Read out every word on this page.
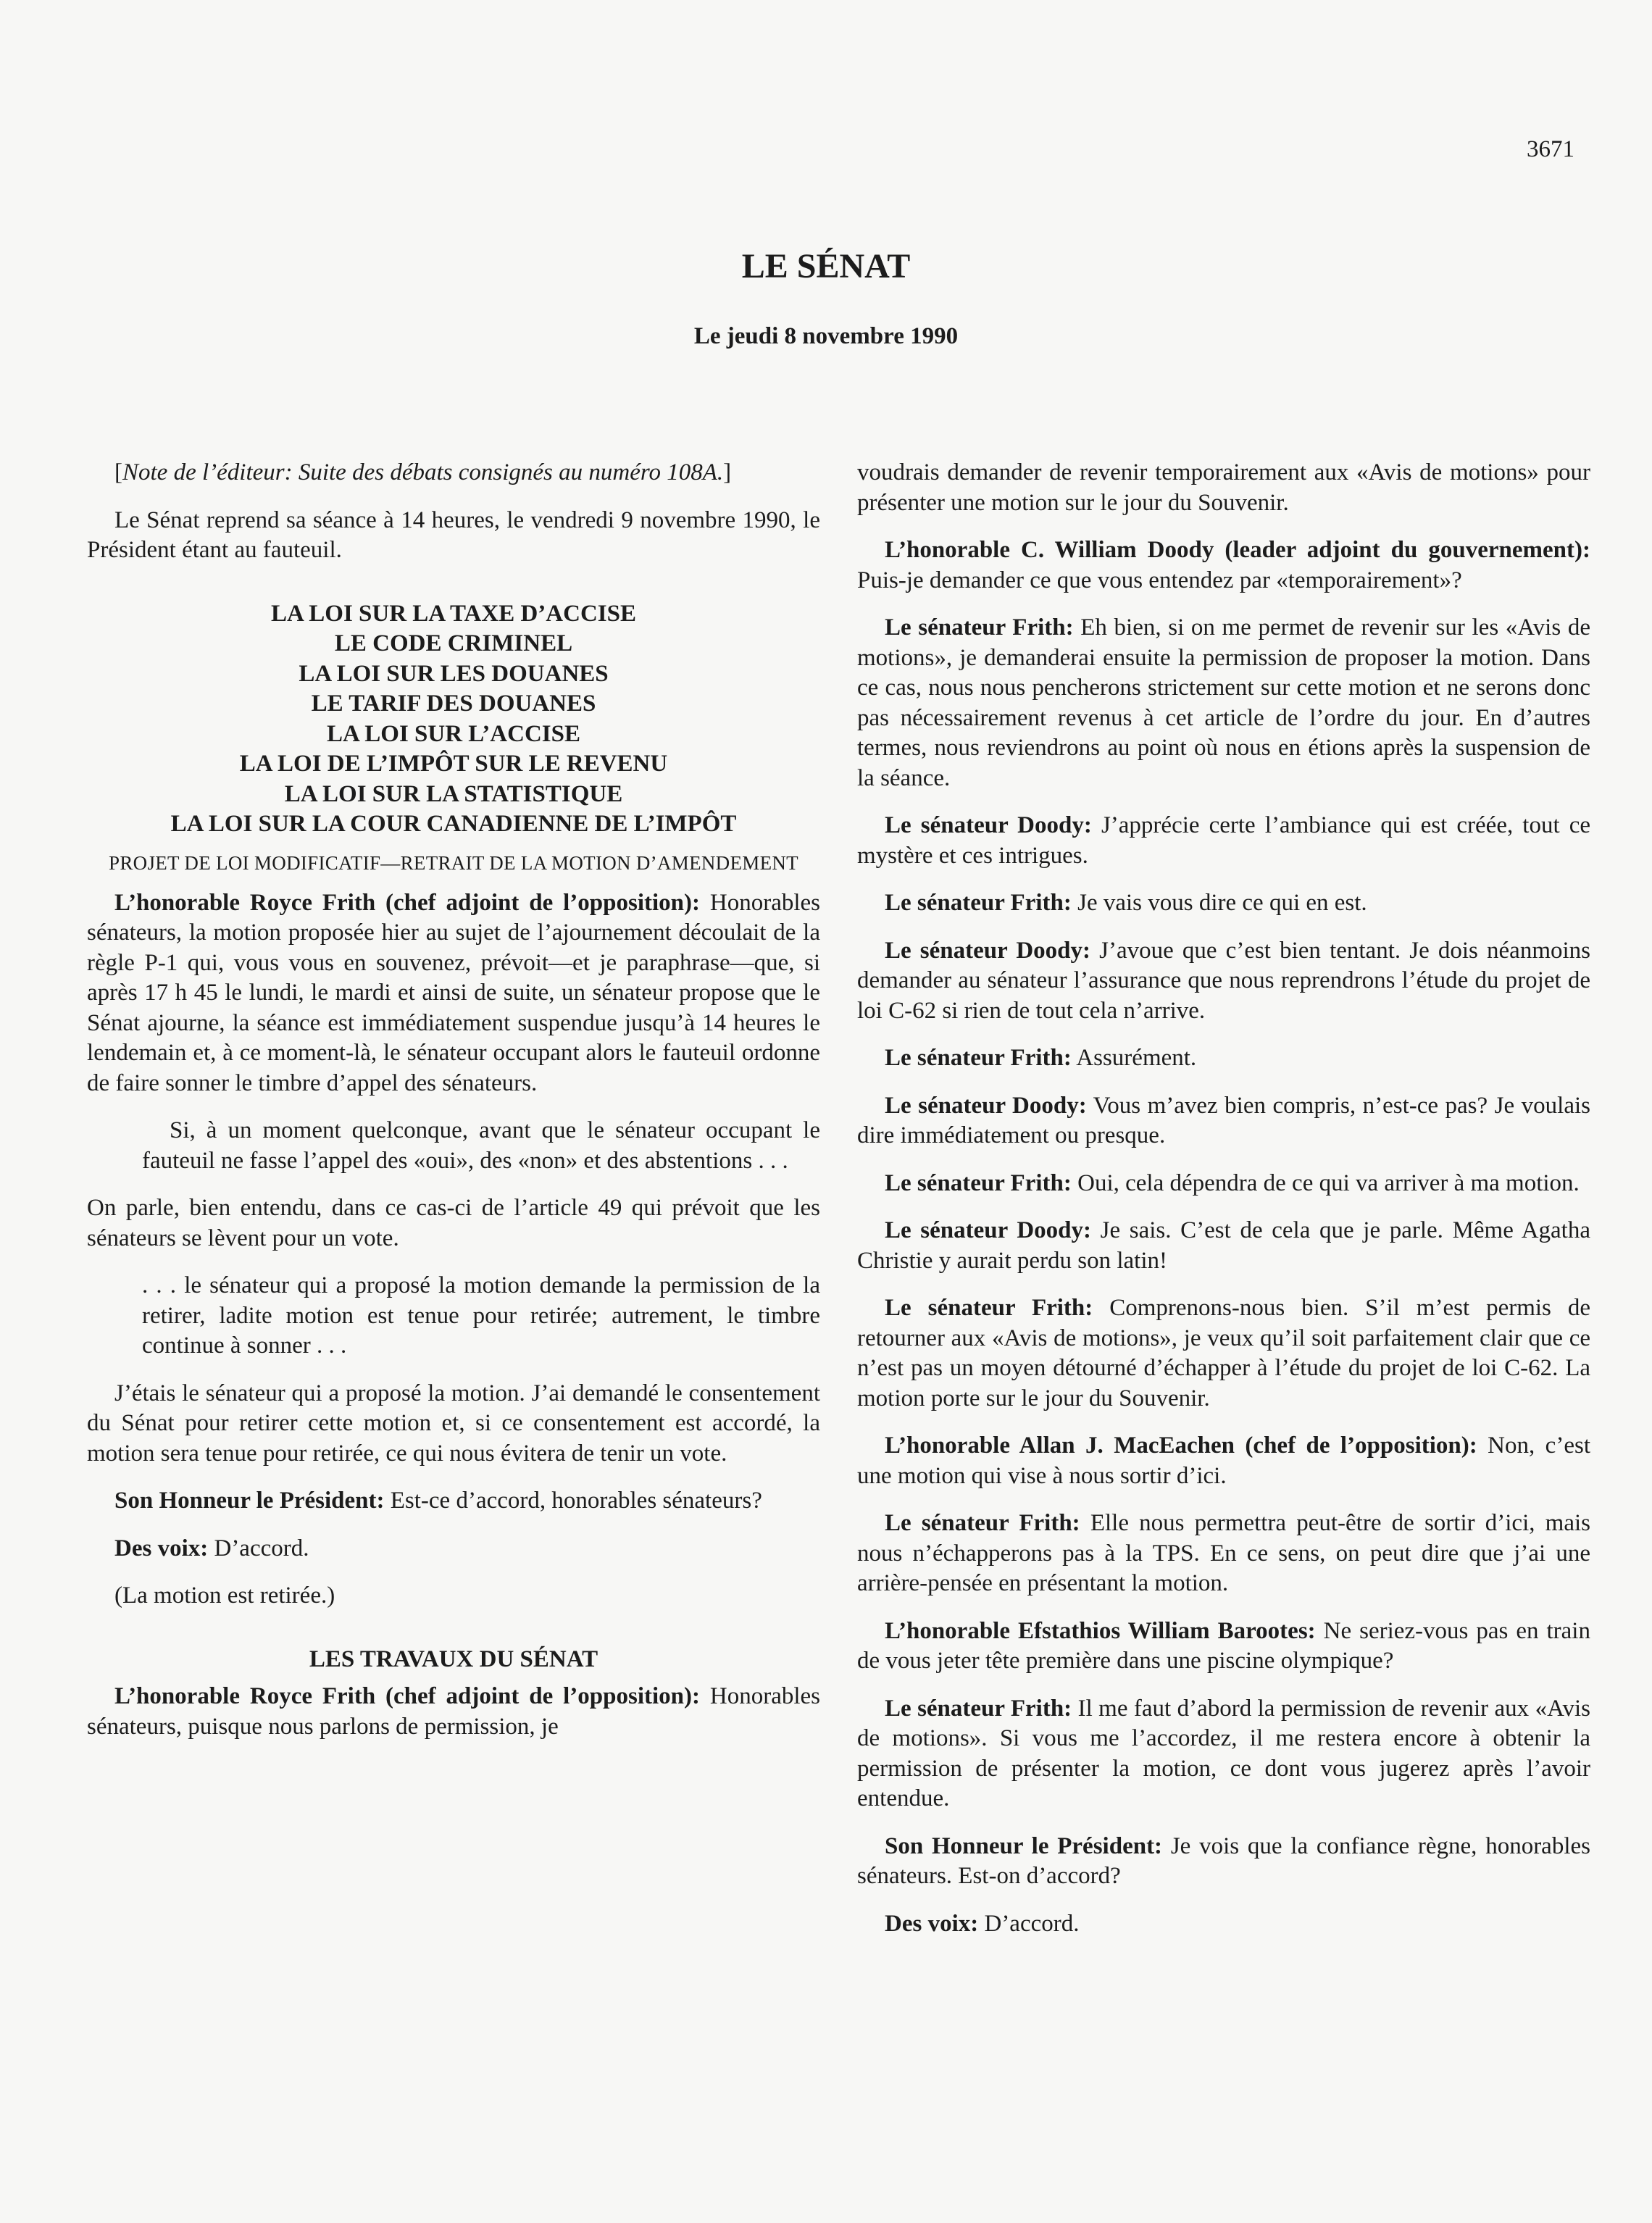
3671
LE SÉNAT
Le jeudi 8 novembre 1990

[Note de l’éditeur: Suite des débats consignés au numéro 108A.]

Le Sénat reprend sa séance à 14 heures, le vendredi 9 novembre 1990, le Président étant au fauteuil.

LA LOI SUR LA TAXE D’ACCISE
LE CODE CRIMINEL
LA LOI SUR LES DOUANES
LE TARIF DES DOUANES
LA LOI SUR L’ACCISE
LA LOI DE L’IMPÔT SUR LE REVENU
LA LOI SUR LA STATISTIQUE
LA LOI SUR LA COUR CANADIENNE DE L’IMPÔT
PROJET DE LOI MODIFICATIF—RETRAIT DE LA MOTION D’AMENDEMENT

L’honorable Royce Frith (chef adjoint de l’opposition): Honorables sénateurs, la motion proposée hier au sujet de l’ajournement découlait de la règle P-1 qui, vous vous en souvenez, prévoit—et je paraphrase—que, si après 17 h 45 le lundi, le mardi et ainsi de suite, un sénateur propose que le Sénat ajourne, la séance est immédiatement suspendue jusqu’à 14 heures le lendemain et, à ce moment-là, le sénateur occupant alors le fauteuil ordonne de faire sonner le timbre d’appel des sénateurs.

Si, à un moment quelconque, avant que le sénateur occupant le fauteuil ne fasse l’appel des «oui», des «non» et des abstentions . . .

On parle, bien entendu, dans ce cas-ci de l’article 49 qui prévoit que les sénateurs se lèvent pour un vote.

. . . le sénateur qui a proposé la motion demande la permission de la retirer, ladite motion est tenue pour retirée; autrement, le timbre continue à sonner . . .

J’étais le sénateur qui a proposé la motion. J’ai demandé le consentement du Sénat pour retirer cette motion et, si ce consentement est accordé, la motion sera tenue pour retirée, ce qui nous évitera de tenir un vote.

Son Honneur le Président: Est-ce d’accord, honorables sénateurs?

Des voix: D’accord.

(La motion est retirée.)

LES TRAVAUX DU SÉNAT

L’honorable Royce Frith (chef adjoint de l’opposition): Honorables sénateurs, puisque nous parlons de permission, je

voudrais demander de revenir temporairement aux «Avis de motions» pour présenter une motion sur le jour du Souvenir.

L’honorable C. William Doody (leader adjoint du gouvernement): Puis-je demander ce que vous entendez par «temporairement»?

Le sénateur Frith: Eh bien, si on me permet de revenir sur les «Avis de motions», je demanderai ensuite la permission de proposer la motion. Dans ce cas, nous nous pencherons strictement sur cette motion et ne serons donc pas nécessairement revenus à cet article de l’ordre du jour. En d’autres termes, nous reviendrons au point où nous en étions après la suspension de la séance.

Le sénateur Doody: J’apprécie certe l’ambiance qui est créée, tout ce mystère et ces intrigues.

Le sénateur Frith: Je vais vous dire ce qui en est.

Le sénateur Doody: J’avoue que c’est bien tentant. Je dois néanmoins demander au sénateur l’assurance que nous reprendrons l’étude du projet de loi C-62 si rien de tout cela n’arrive.

Le sénateur Frith: Assurément.

Le sénateur Doody: Vous m’avez bien compris, n’est-ce pas? Je voulais dire immédiatement ou presque.

Le sénateur Frith: Oui, cela dépendra de ce qui va arriver à ma motion.

Le sénateur Doody: Je sais. C’est de cela que je parle. Même Agatha Christie y aurait perdu son latin!

Le sénateur Frith: Comprenons-nous bien. S’il m’est permis de retourner aux «Avis de motions», je veux qu’il soit parfaitement clair que ce n’est pas un moyen détourné d’échapper à l’étude du projet de loi C-62. La motion porte sur le jour du Souvenir.

L’honorable Allan J. MacEachen (chef de l’opposition): Non, c’est une motion qui vise à nous sortir d’ici.

Le sénateur Frith: Elle nous permettra peut-être de sortir d’ici, mais nous n’échapperons pas à la TPS. En ce sens, on peut dire que j’ai une arrière-pensée en présentant la motion.

L’honorable Efstathios William Barootes: Ne seriez-vous pas en train de vous jeter tête première dans une piscine olympique?

Le sénateur Frith: Il me faut d’abord la permission de revenir aux «Avis de motions». Si vous me l’accordez, il me restera encore à obtenir la permission de présenter la motion, ce dont vous jugerez après l’avoir entendue.

Son Honneur le Président: Je vois que la confiance règne, honorables sénateurs. Est-on d’accord?

Des voix: D’accord.
